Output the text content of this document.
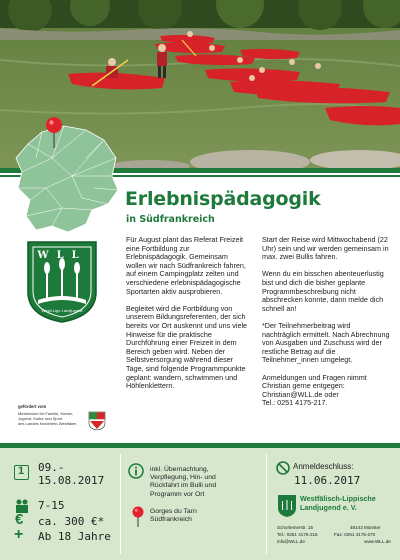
Erlebnispädagogik
in Südfrankreich
WLL
Westf-Lipp Landjugend

Für August plant das Referat Freizeit eine Fortbildung zur Erlebnispädagogik. Gemeinsam wollen wir nach Südfrankreich fahren, auf einem Campingplatz zelten und verschiedene erlebnispädagogische Sportarten aktiv ausprobieren.

Begleitet wird die Fortbildung von unserem Bildungsreferenten, der sich bereits vor Ort auskennt und uns viele Hinweise für die praktische Durchführung einer Freizeit in dem Bereich geben wird. Neben der Selbstversorgung während dieser Tage, sind folgende Programmpunkte geplant: wandern, schwimmen und Höhlenklettern.

Start der Reise wird Mittwochabend (22 Uhr) sein und wir werden gemeinsam in max. zwei Bullis fahren.

Wenn du ein bisschen abenteuerlustig bist und dich die bisher geplante Programmbeschreibung nicht abschrecken konnte, dann melde dich schnell an!

*Der Teilnehmerbeitrag wird nachträglich ermittelt. Nach Abrechnung von Ausgaben und Zuschuss wird der restliche Betrag auf die Teilnehmer_innen umgelegt.

Anmeldungen und Fragen nimmt Christian gerne entgegen:
Christian@WLL.de oder
Tel.: 0251 4175-217.

gefördert vom
Ministerium für Familie, Kinder,
Jugend, Kultur und Sport
des Landes Nordrhein-Westfalen
1 09.-
15.08.2017
7-15
€ ca. 300 €*
+ Ab 18 Jahre
inkl. Übernachtung,
Verpflegung, Hin- und
Rückfahrt im Bulli und
Programm vor Ort
Gorges du Tarn
Südfrankreich
Anmeldeschluss:
11.06.2017
Westfälisch-Lippische
Landjugend e. V.
Schorlemerstr. 15	48143 Münster
Tel.: 0251 4175-215	Fax: 0251 4175-270
info@WLL.de	www.WLL.de
